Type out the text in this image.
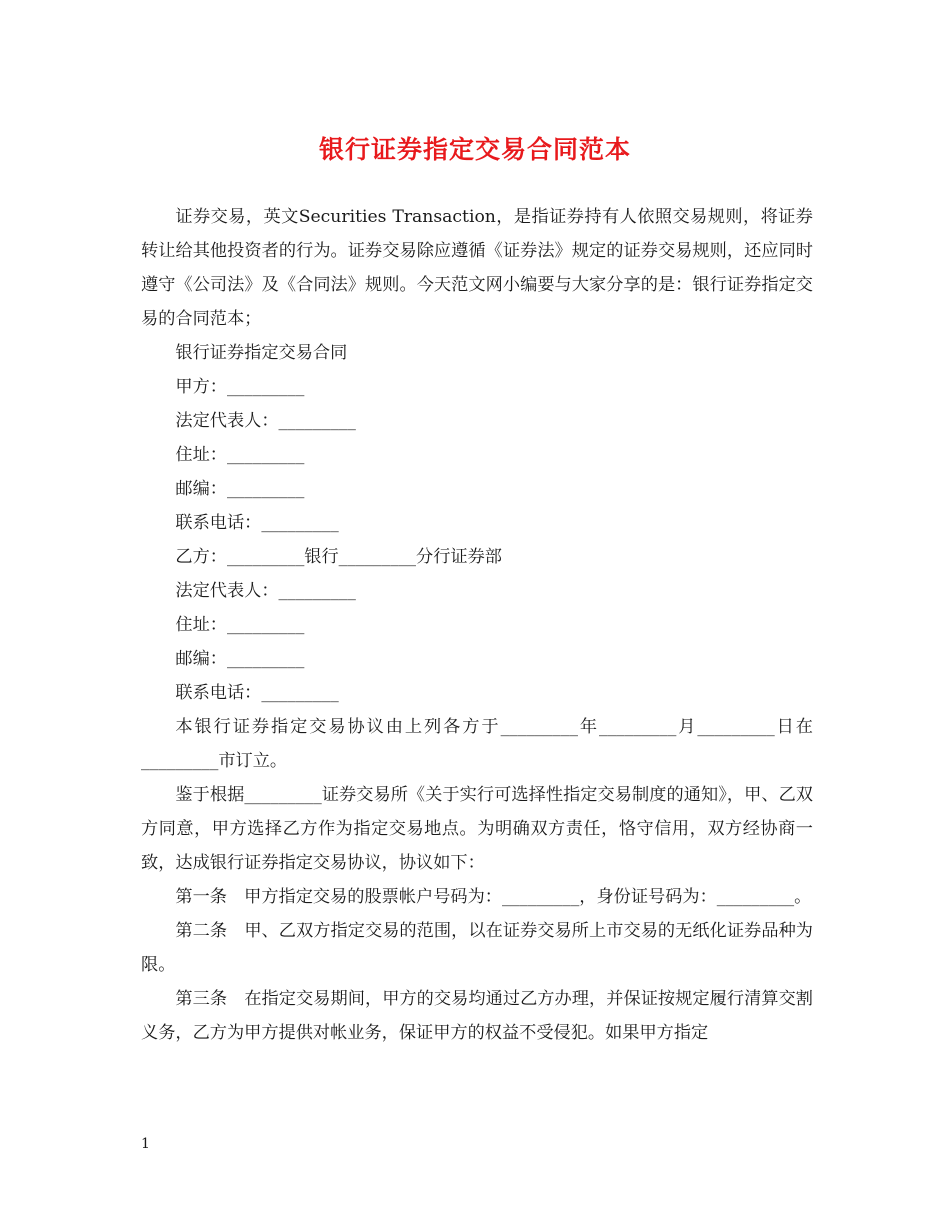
银行证券指定交易合同范本

证券交易，英文Securities Transaction，是指证券持有人依照交易规则，将证券转让给其他投资者的行为。证券交易除应遵循《证券法》规定的证券交易规则，还应同时遵守《公司法》及《合同法》规则。今天范文网小编要与大家分享的是：银行证券指定交易的合同范本；

银行证券指定交易合同

甲方：_________

法定代表人：_________

住址：_________

邮编：_________

联系电话：_________

乙方：_________银行_________分行证券部

法定代表人：_________

住址：_________

邮编：_________

联系电话：_________

本银行证券指定交易协议由上列各方于_________年_________月_________日在_________市订立。

鉴于根据_________证券交易所《关于实行可选择性指定交易制度的通知》，甲、乙双方同意，甲方选择乙方作为指定交易地点。为明确双方责任，恪守信用，双方经协商一致，达成银行证券指定交易协议，协议如下：

第一条　甲方指定交易的股票帐户号码为：_________，身份证号码为：_________。

第二条　甲、乙双方指定交易的范围，以在证券交易所上市交易的无纸化证券品种为限。

第三条　在指定交易期间，甲方的交易均通过乙方办理，并保证按规定履行清算交割义务，乙方为甲方提供对帐业务，保证甲方的权益不受侵犯。如果甲方指定

1
